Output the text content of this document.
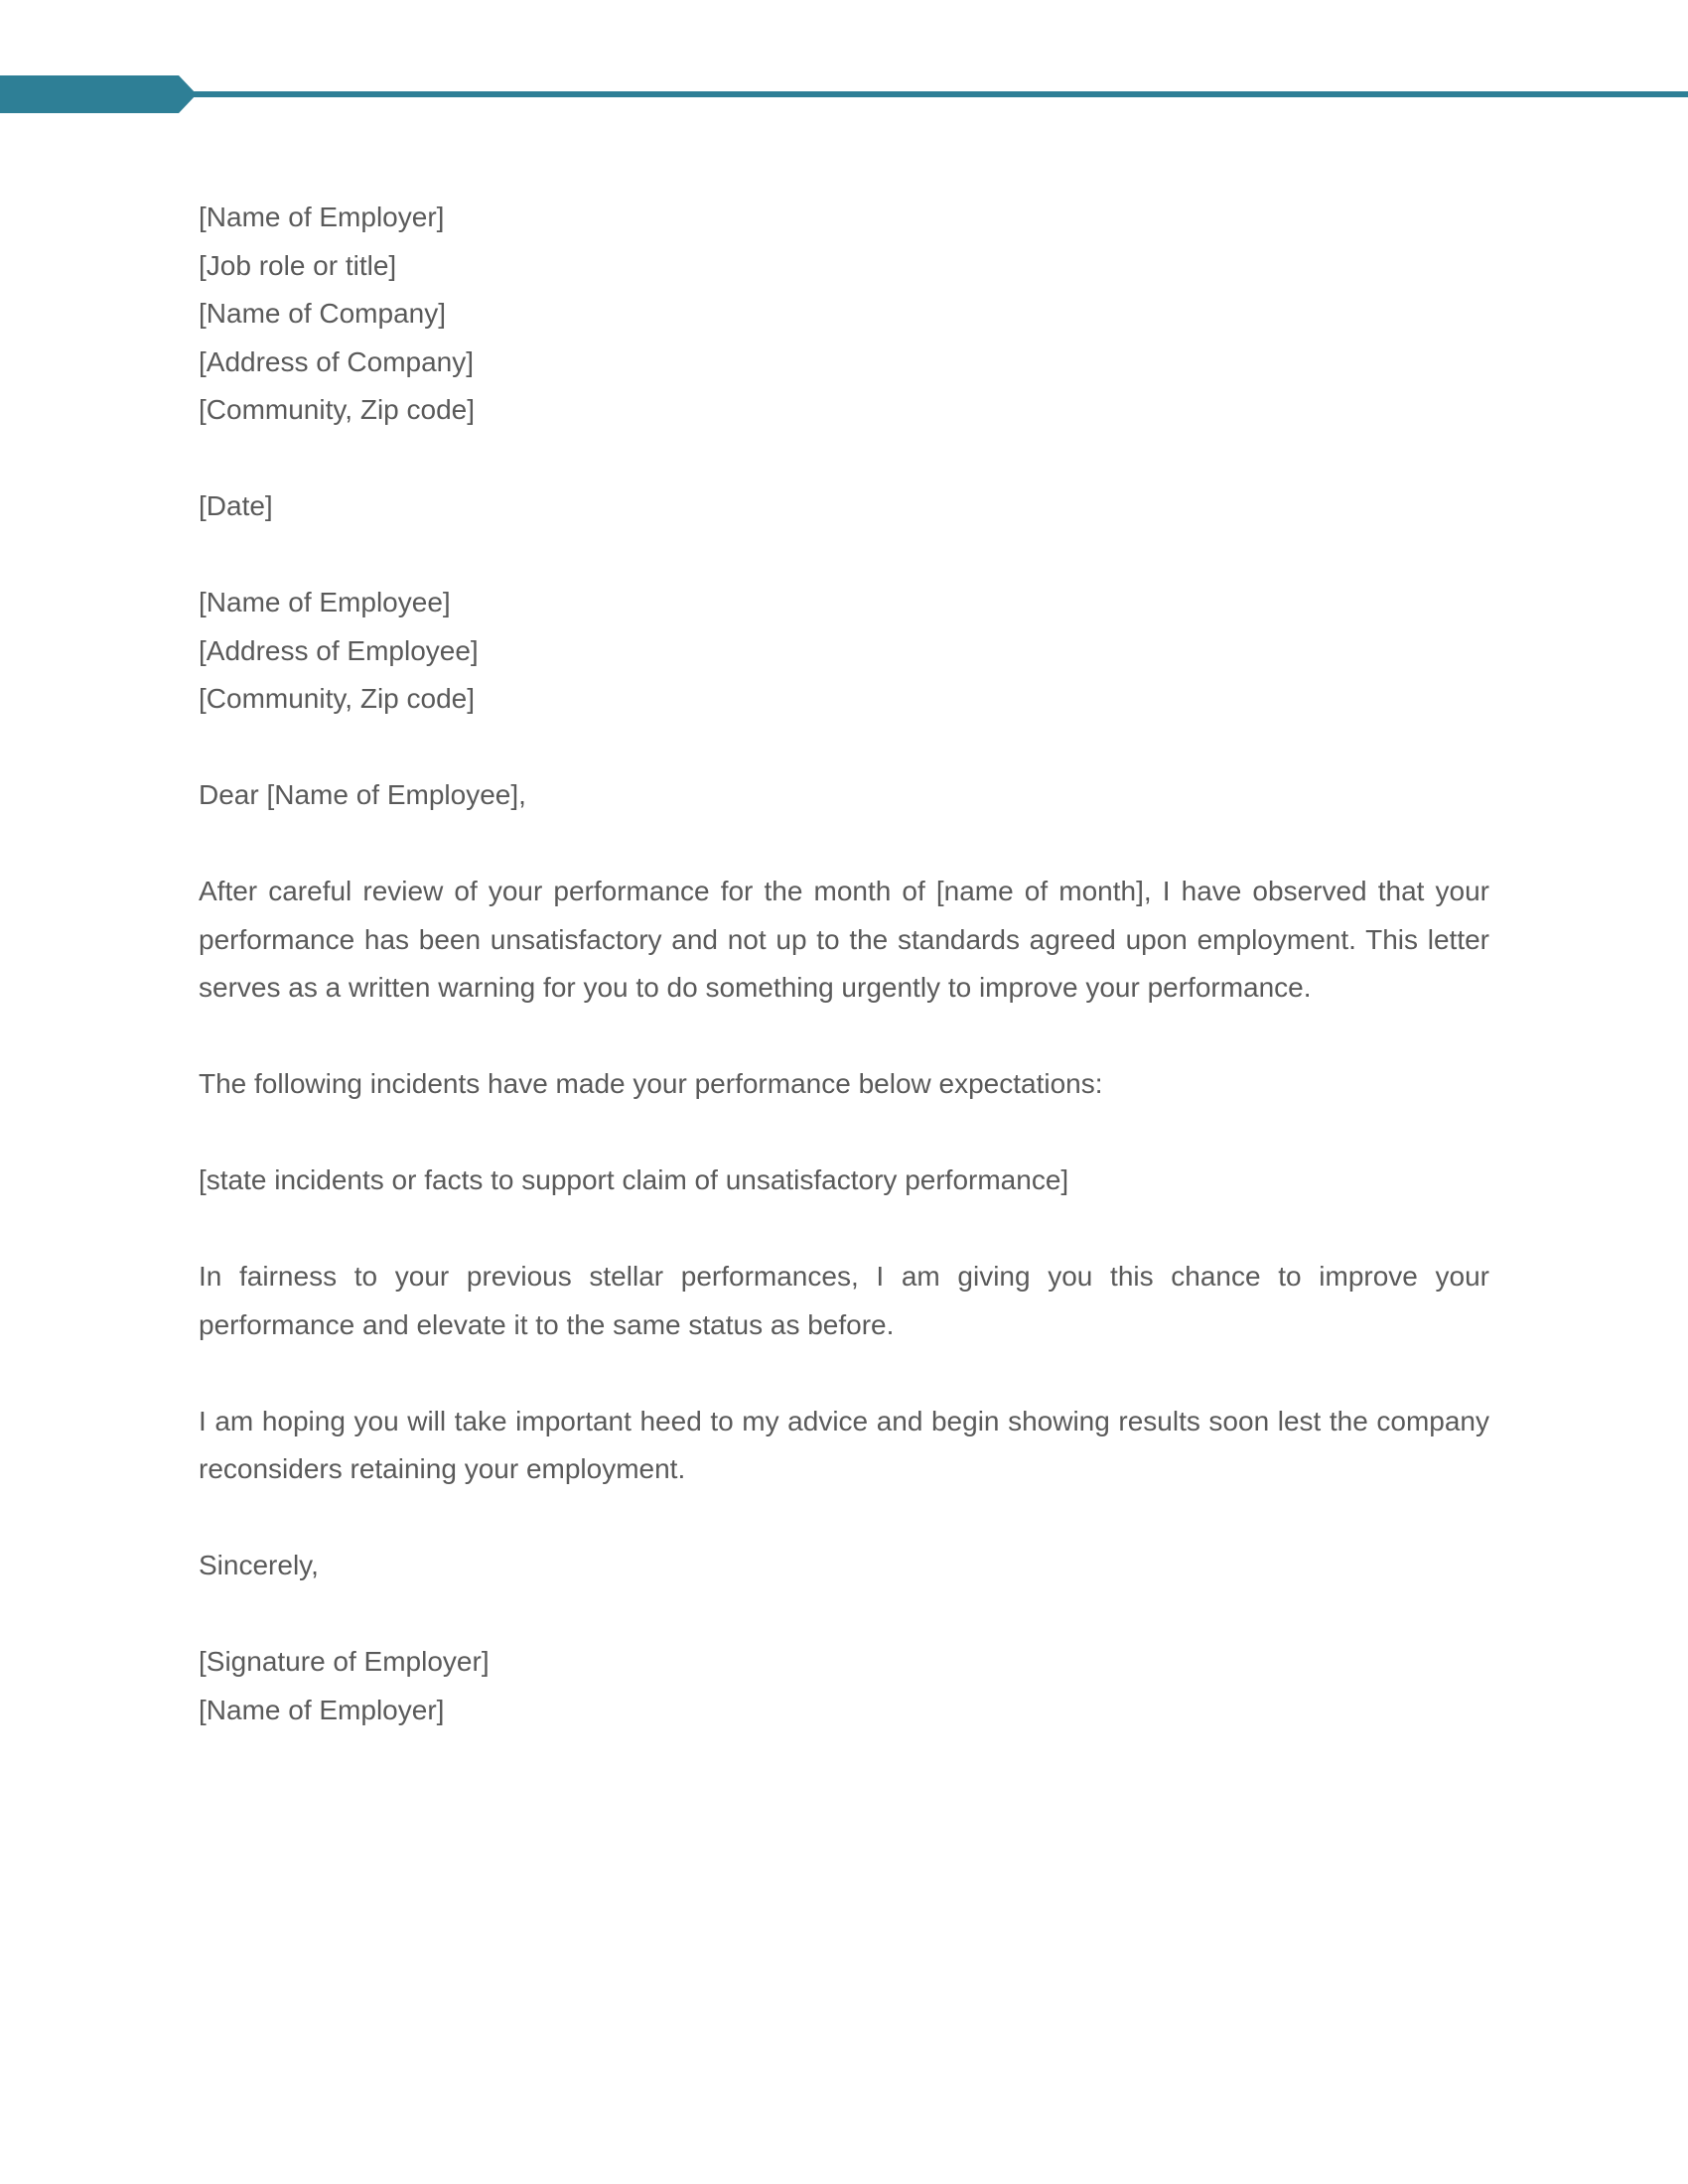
[Name of Employer]
[Job role or title]
[Name of Company]
[Address of Company]
[Community, Zip code]
[Date]
[Name of Employee]
[Address of Employee]
[Community, Zip code]
Dear [Name of Employee],
After careful review of your performance for the month of [name of month], I have observed that your performance has been unsatisfactory and not up to the standards agreed upon employment. This letter serves as a written warning for you to do something urgently to improve your performance.
The following incidents have made your performance below expectations:
[state incidents or facts to support claim of unsatisfactory performance]
In fairness to your previous stellar performances, I am giving you this chance to improve your performance and elevate it to the same status as before.
I am hoping you will take important heed to my advice and begin showing results soon lest the company reconsiders retaining your employment.
Sincerely,
[Signature of Employer]
[Name of Employer]
